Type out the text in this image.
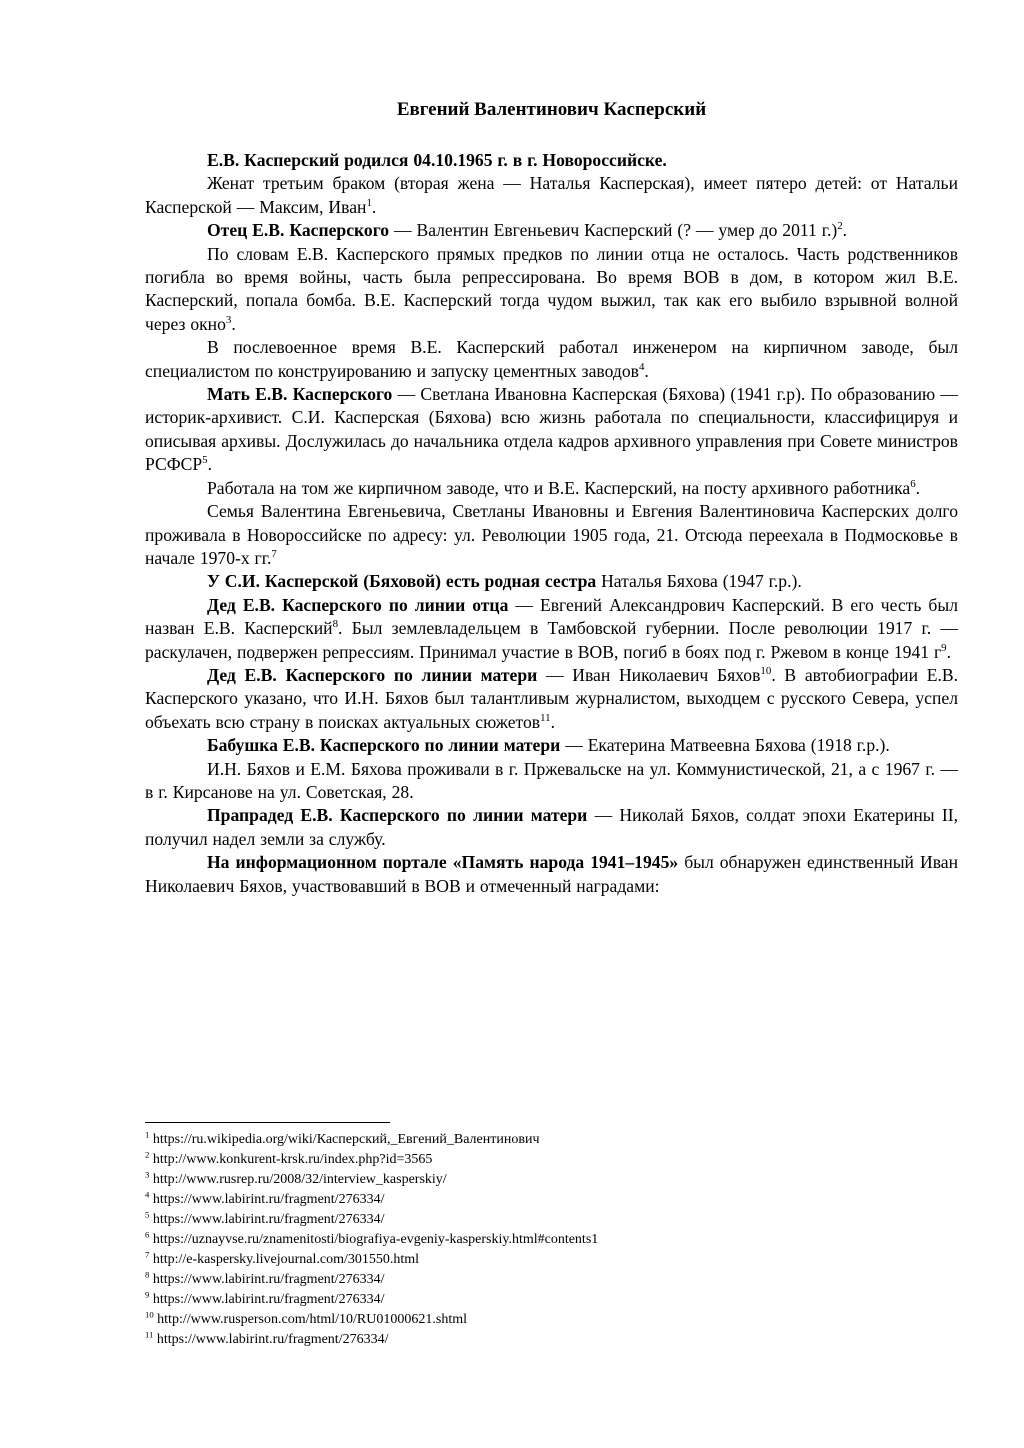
Евгений Валентинович Касперский

Е.В. Касперский родился 04.10.1965 г. в г. Новороссийске.

Женат третьим браком (вторая жена — Наталья Касперская), имеет пятеро детей: от Натальи Касперской — Максим, Иван$^1$.

Отец Е.В. Касперского — Валентин Евгеньевич Касперский (? — умер до 2011 г.)$^2$.

По словам Е.В. Касперского прямых предков по линии отца не осталось. Часть родственников погибла во время войны, часть была репрессирована. Во время ВОВ в дом, в котором жил В.Е. Касперский, попала бомба. В.Е. Касперский тогда чудом выжил, так как его выбило взрывной волной через окно$^3$.

В послевоенное время В.Е. Касперский работал инженером на кирпичном заводе, был специалистом по конструированию и запуску цементных заводов$^4$.

Мать Е.В. Касперского — Светлана Ивановна Касперская (Бяхова) (1941 г.р). По образованию — историк-архивист. С.И. Касперская (Бяхова) всю жизнь работала по специальности, классифицируя и описывая архивы. Дослужилась до начальника отдела кадров архивного управления при Совете министров РСФСР$^5$.

Работала на том же кирпичном заводе, что и В.Е. Касперский, на посту архивного работника$^6$.

Семья Валентина Евгеньевича, Светланы Ивановны и Евгения Валентиновича Касперских долго проживала в Новороссийске по адресу: ул. Революции 1905 года, 21. Отсюда переехала в Подмосковье в начале 1970-х гг.$^7$

У С.И. Касперской (Бяховой) есть родная сестра Наталья Бяхова (1947 г.р.).

Дед Е.В. Касперского по линии отца — Евгений Александрович Касперский. В его честь был назван Е.В. Касперский$^8$. Был землевладельцем в Тамбовской губернии. После революции 1917 г. — раскулачен, подвержен репрессиям. Принимал участие в ВОВ, погиб в боях под г. Ржевом в конце 1941 $г^9$.

Дед Е.В. Касперского по линии матери — Иван Николаевич Бяхов$^{10}$. В автобиографии Е.В. Касперского указано, что И.Н. Бяхов был талантливым журналистом, выходцем с русского Севера, успел объехать всю страну в поисках актуальных сюжетов$^{11}$.

Бабушка Е.В. Касперского по линии матери — Екатерина Матвеевна Бяхова (1918 г.р.).

И.Н. Бяхов и Е.М. Бяхова проживали в г. Пржевальске на ул. Коммунистической, 21, а с 1967 г. — в г. Кирсанове на ул. Советская, 28.

Прапрадед Е.В. Касперского по линии матери — Николай Бяхов, солдат эпохи Екатерины II, получил надел земли за службу.

На информационном портале «Память народа 1941–1945» был обнаружен единственный Иван Николаевич Бяхов, участвовавший в ВОВ и отмеченный наградами:

$^1$ https://ru.wikipedia.org/wiki/Касперский,_Евгений_Валентинович
$^2$ http://www.konkurent-krsk.ru/index.php?id=3565
$^3$ http://www.rusrep.ru/2008/32/interview_kasperskiy/
$^4$ https://www.labirint.ru/fragment/276334/
$^5$ https://www.labirint.ru/fragment/276334/
$^6$ https://uznayvse.ru/znamenitosti/biografiya-evgeniy-kasperskiy.html#contents1
$^7$ http://e-kaspersky.livejournal.com/301550.html
$^8$ https://www.labirint.ru/fragment/276334/
$^9$ https://www.labirint.ru/fragment/276334/
$^{10}$ http://www.rusperson.com/html/10/RU01000621.shtml
$^{11}$ https://www.labirint.ru/fragment/276334/
